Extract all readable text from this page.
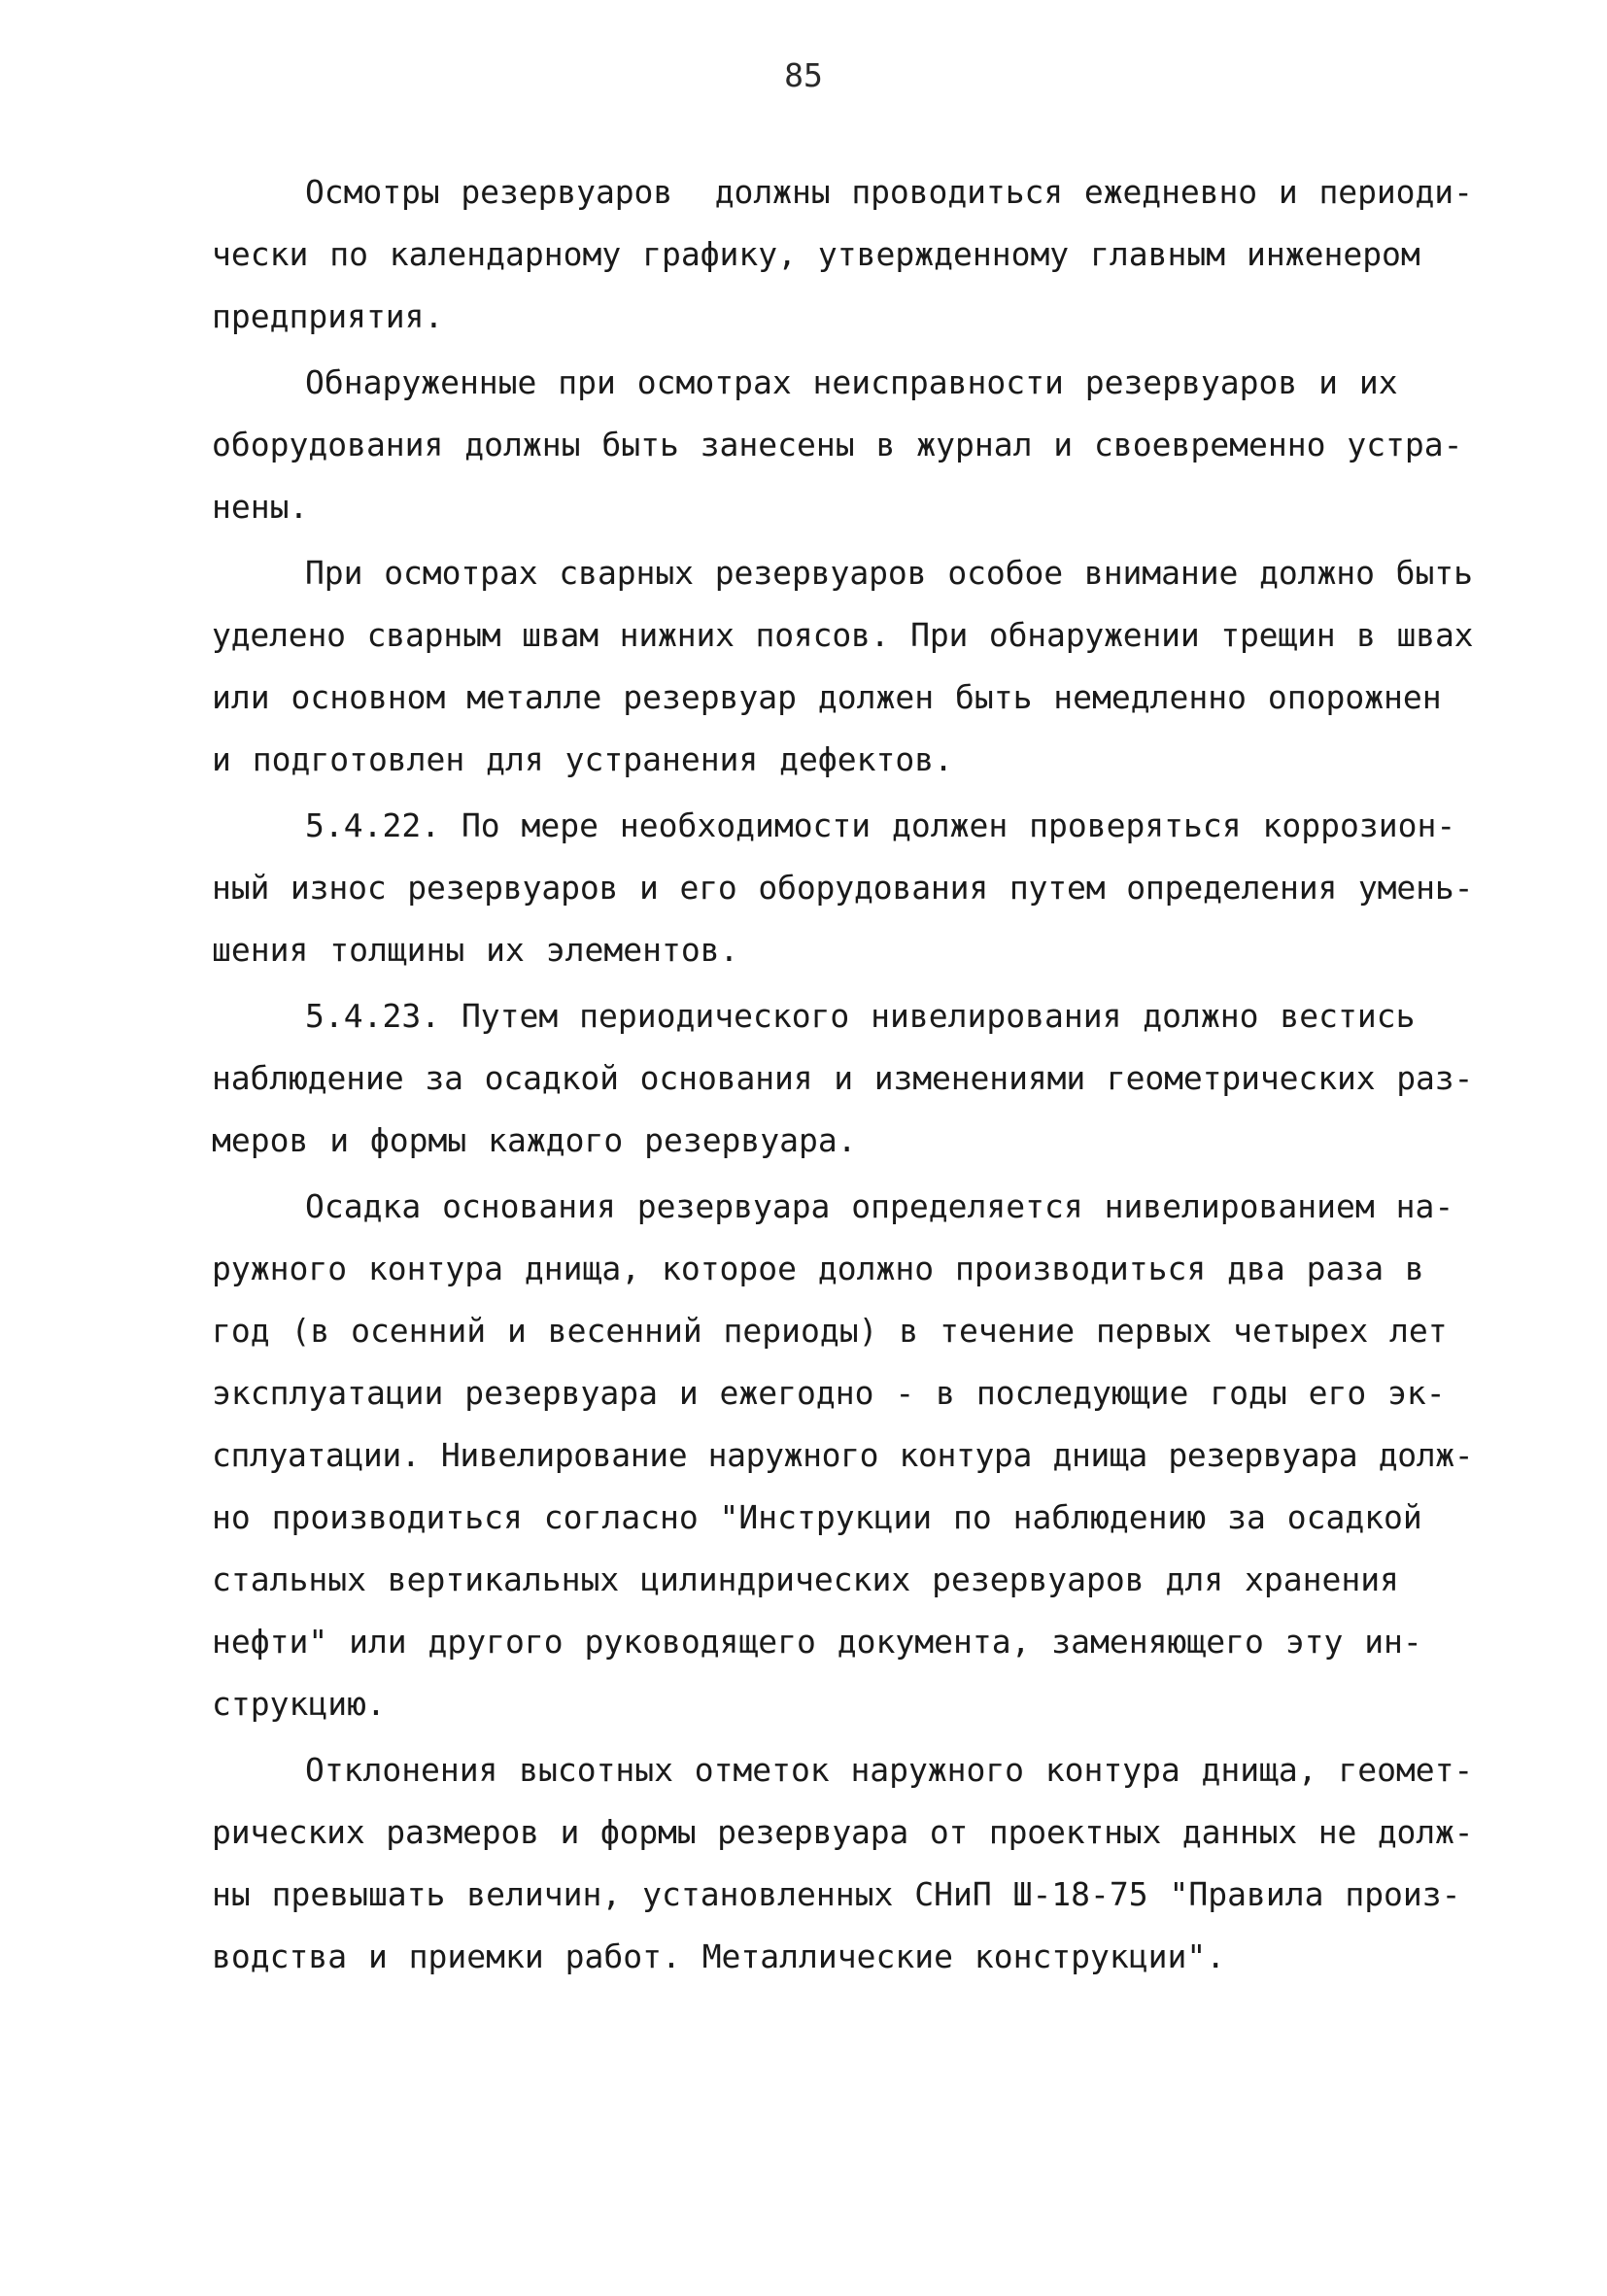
85
Осмотры резервуаров  должны проводиться ежедневно и периоди-
чески по календарному графику, утвержденному главным инженером
предприятия.
Обнаруженные при осмотрах неисправности резервуаров и их
оборудования должны быть занесены в журнал и своевременно устра-
нены.
При осмотрах сварных резервуаров особое внимание должно быть
уделено сварным швам нижних поясов. При обнаружении трещин в швах
или основном металле резервуар должен быть немедленно опорожнен
и подготовлен для устранения дефектов.
5.4.22. По мере необходимости должен проверяться коррозион-
ный износ резервуаров и его оборудования путем определения умень-
шения толщины их элементов.
5.4.23. Путем периодического нивелирования должно вестись
наблюдение за осадкой основания и изменениями геометрических раз-
меров и формы каждого резервуара.
Осадка основания резервуара определяется нивелированием на-
ружного контура днища, которое должно производиться два раза в
год (в осенний и весенний периоды) в течение первых четырех лет
эксплуатации резервуара и ежегодно - в последующие годы его эк-
сплуатации. Нивелирование наружного контура днища резервуара долж-
но производиться согласно "Инструкции по наблюдению за осадкой
стальных вертикальных цилиндрических резервуаров для хранения
нефти" или другого руководящего документа, заменяющего эту ин-
струкцию.
Отклонения высотных отметок наружного контура днища, геомет-
рических размеров и формы резервуара от проектных данных не долж-
ны превышать величин, установленных СНиП Ш-18-75 "Правила произ-
водства и приемки работ. Металлические конструкции".
